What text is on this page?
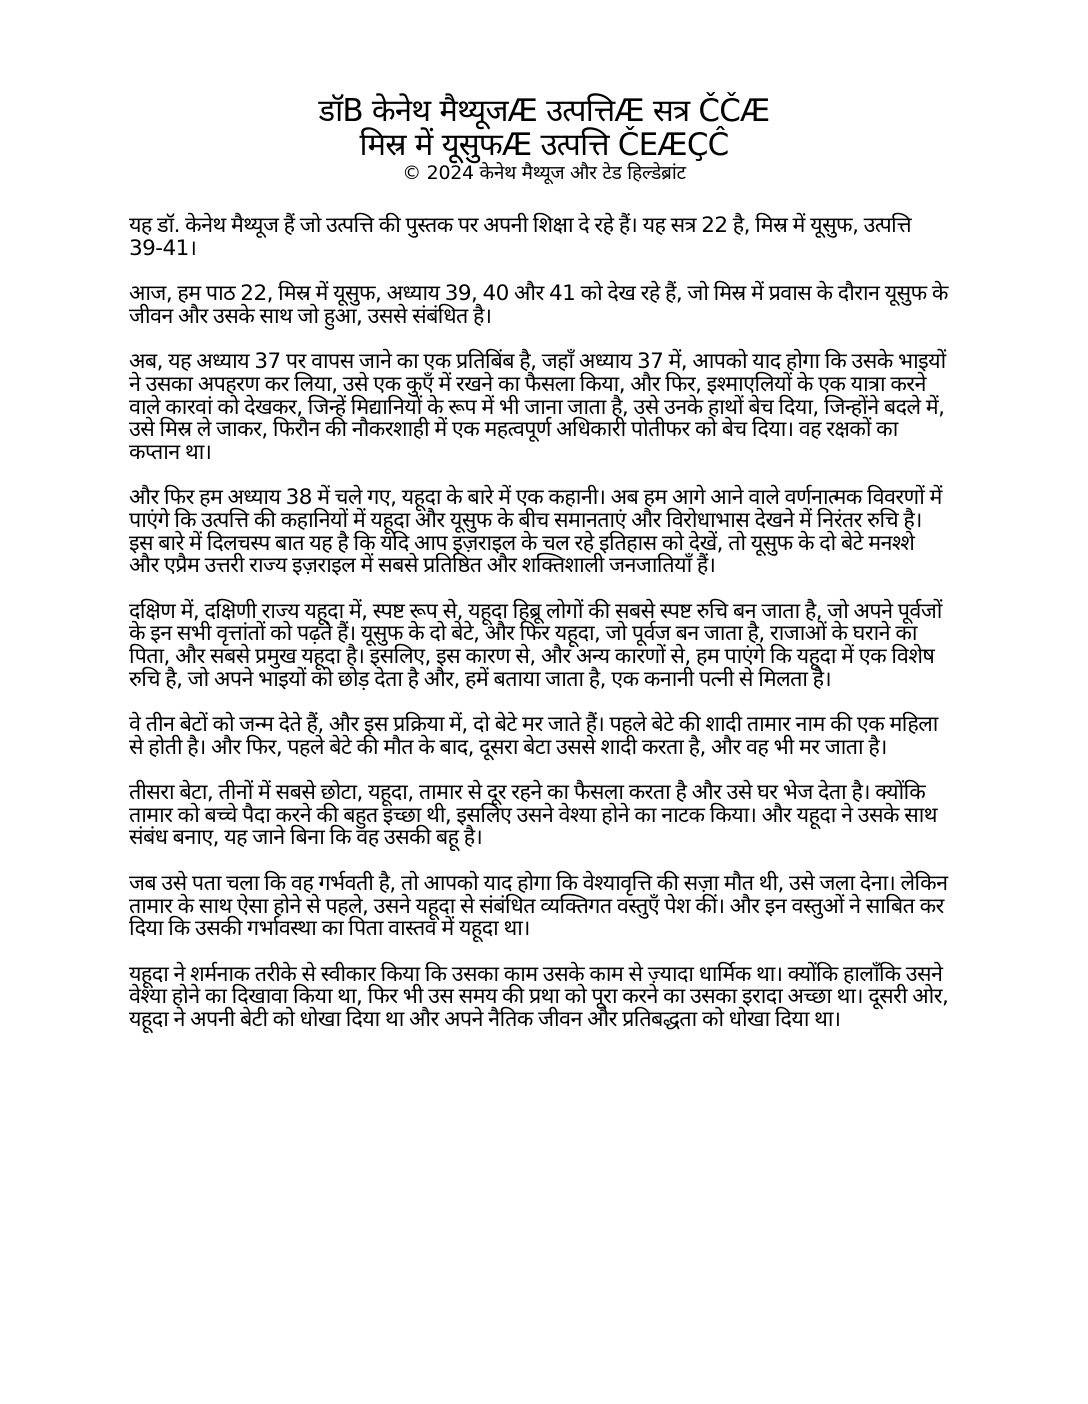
डॉB केनेथ मैथ्यूजÆ उत्पत्तिÆ सत्र ČČÆ
मिस्र में यूसुफÆ उत्पत्ति ČEÆÇĈ
© 2024 केनेथ मैथ्यूज और टेड हिल्डेब्रांट

यह डॉ. केनेथ मैथ्यूज हैं जो उत्पत्ति की पुस्तक पर अपनी शिक्षा दे रहे हैं। यह सत्र 22 है, मिस्र में यूसुफ, उत्पत्ति 39-41।

आज, हम पाठ 22, मिस्र में यूसुफ, अध्याय 39, 40 और 41 को देख रहे हैं, जो मिस्र में प्रवास के दौरान यूसुफ के जीवन और उसके साथ जो हुआ, उससे संबंधित है।

अब, यह अध्याय 37 पर वापस जाने का एक प्रतिबिंब है, जहाँ अध्याय 37 में, आपको याद होगा कि उसके भाइयों ने उसका अपहरण कर लिया, उसे एक कुएँ में रखने का फैसला किया, और फिर, इश्माएलियों के एक यात्रा करने वाले कारवां को देखकर, जिन्हें मिद्यानियों के रूप में भी जाना जाता है, उसे उनके हाथों बेच दिया, जिन्होंने बदले में, उसे मिस्र ले जाकर, फिरौन की नौकरशाही में एक महत्वपूर्ण अधिकारी पोतीफर को बेच दिया। वह रक्षकों का कप्तान था।

और फिर हम अध्याय 38 में चले गए, यहूदा के बारे में एक कहानी। अब हम आगे आने वाले वर्णनात्मक विवरणों में पाएंगे कि उत्पत्ति की कहानियों में यहूदा और यूसुफ के बीच समानताएं और विरोधाभास देखने में निरंतर रुचि है। इस बारे में दिलचस्प बात यह है कि यदि आप इज़राइल के चल रहे इतिहास को देखें, तो यूसुफ के दो बेटे मनश्शे और एप्रैम उत्तरी राज्य इज़राइल में सबसे प्रतिष्ठित और शक्तिशाली जनजातियाँ हैं।

दक्षिण में, दक्षिणी राज्य यहूदा में, स्पष्ट रूप से, यहूदा हिब्रू लोगों की सबसे स्पष्ट रुचि बन जाता है, जो अपने पूर्वजों के इन सभी वृत्तांतों को पढ़ते हैं। यूसुफ के दो बेटे, और फिर यहूदा, जो पूर्वज बन जाता है, राजाओं के घराने का पिता, और सबसे प्रमुख यहूदा है। इसलिए, इस कारण से, और अन्य कारणों से, हम पाएंगे कि यहूदा में एक विशेष रुचि है, जो अपने भाइयों को छोड़ देता है और, हमें बताया जाता है, एक कनानी पत्नी से मिलता है।

वे तीन बेटों को जन्म देते हैं, और इस प्रक्रिया में, दो बेटे मर जाते हैं। पहले बेटे की शादी तामार नाम की एक महिला से होती है। और फिर, पहले बेटे की मौत के बाद, दूसरा बेटा उससे शादी करता है, और वह भी मर जाता है।

तीसरा बेटा, तीनों में सबसे छोटा, यहूदा, तामार से दूर रहने का फैसला करता है और उसे घर भेज देता है। क्योंकि तामार को बच्चे पैदा करने की बहुत इच्छा थी, इसलिए उसने वेश्या होने का नाटक किया। और यहूदा ने उसके साथ संबंध बनाए, यह जाने बिना कि वह उसकी बहू है।

जब उसे पता चला कि वह गर्भवती है, तो आपको याद होगा कि वेश्यावृत्ति की सज़ा मौत थी, उसे जला देना। लेकिन तामार के साथ ऐसा होने से पहले, उसने यहूदा से संबंधित व्यक्तिगत वस्तुएँ पेश कीं। और इन वस्तुओं ने साबित कर दिया कि उसकी गर्भावस्था का पिता वास्तव में यहूदा था।

यहूदा ने शर्मनाक तरीके से स्वीकार किया कि उसका काम उसके काम से ज़्यादा धार्मिक था। क्योंकि हालाँकि उसने वेश्या होने का दिखावा किया था, फिर भी उस समय की प्रथा को पूरा करने का उसका इरादा अच्छा था। दूसरी ओर, यहूदा ने अपनी बेटी को धोखा दिया था और अपने नैतिक जीवन और प्रतिबद्धता को धोखा दिया था।
